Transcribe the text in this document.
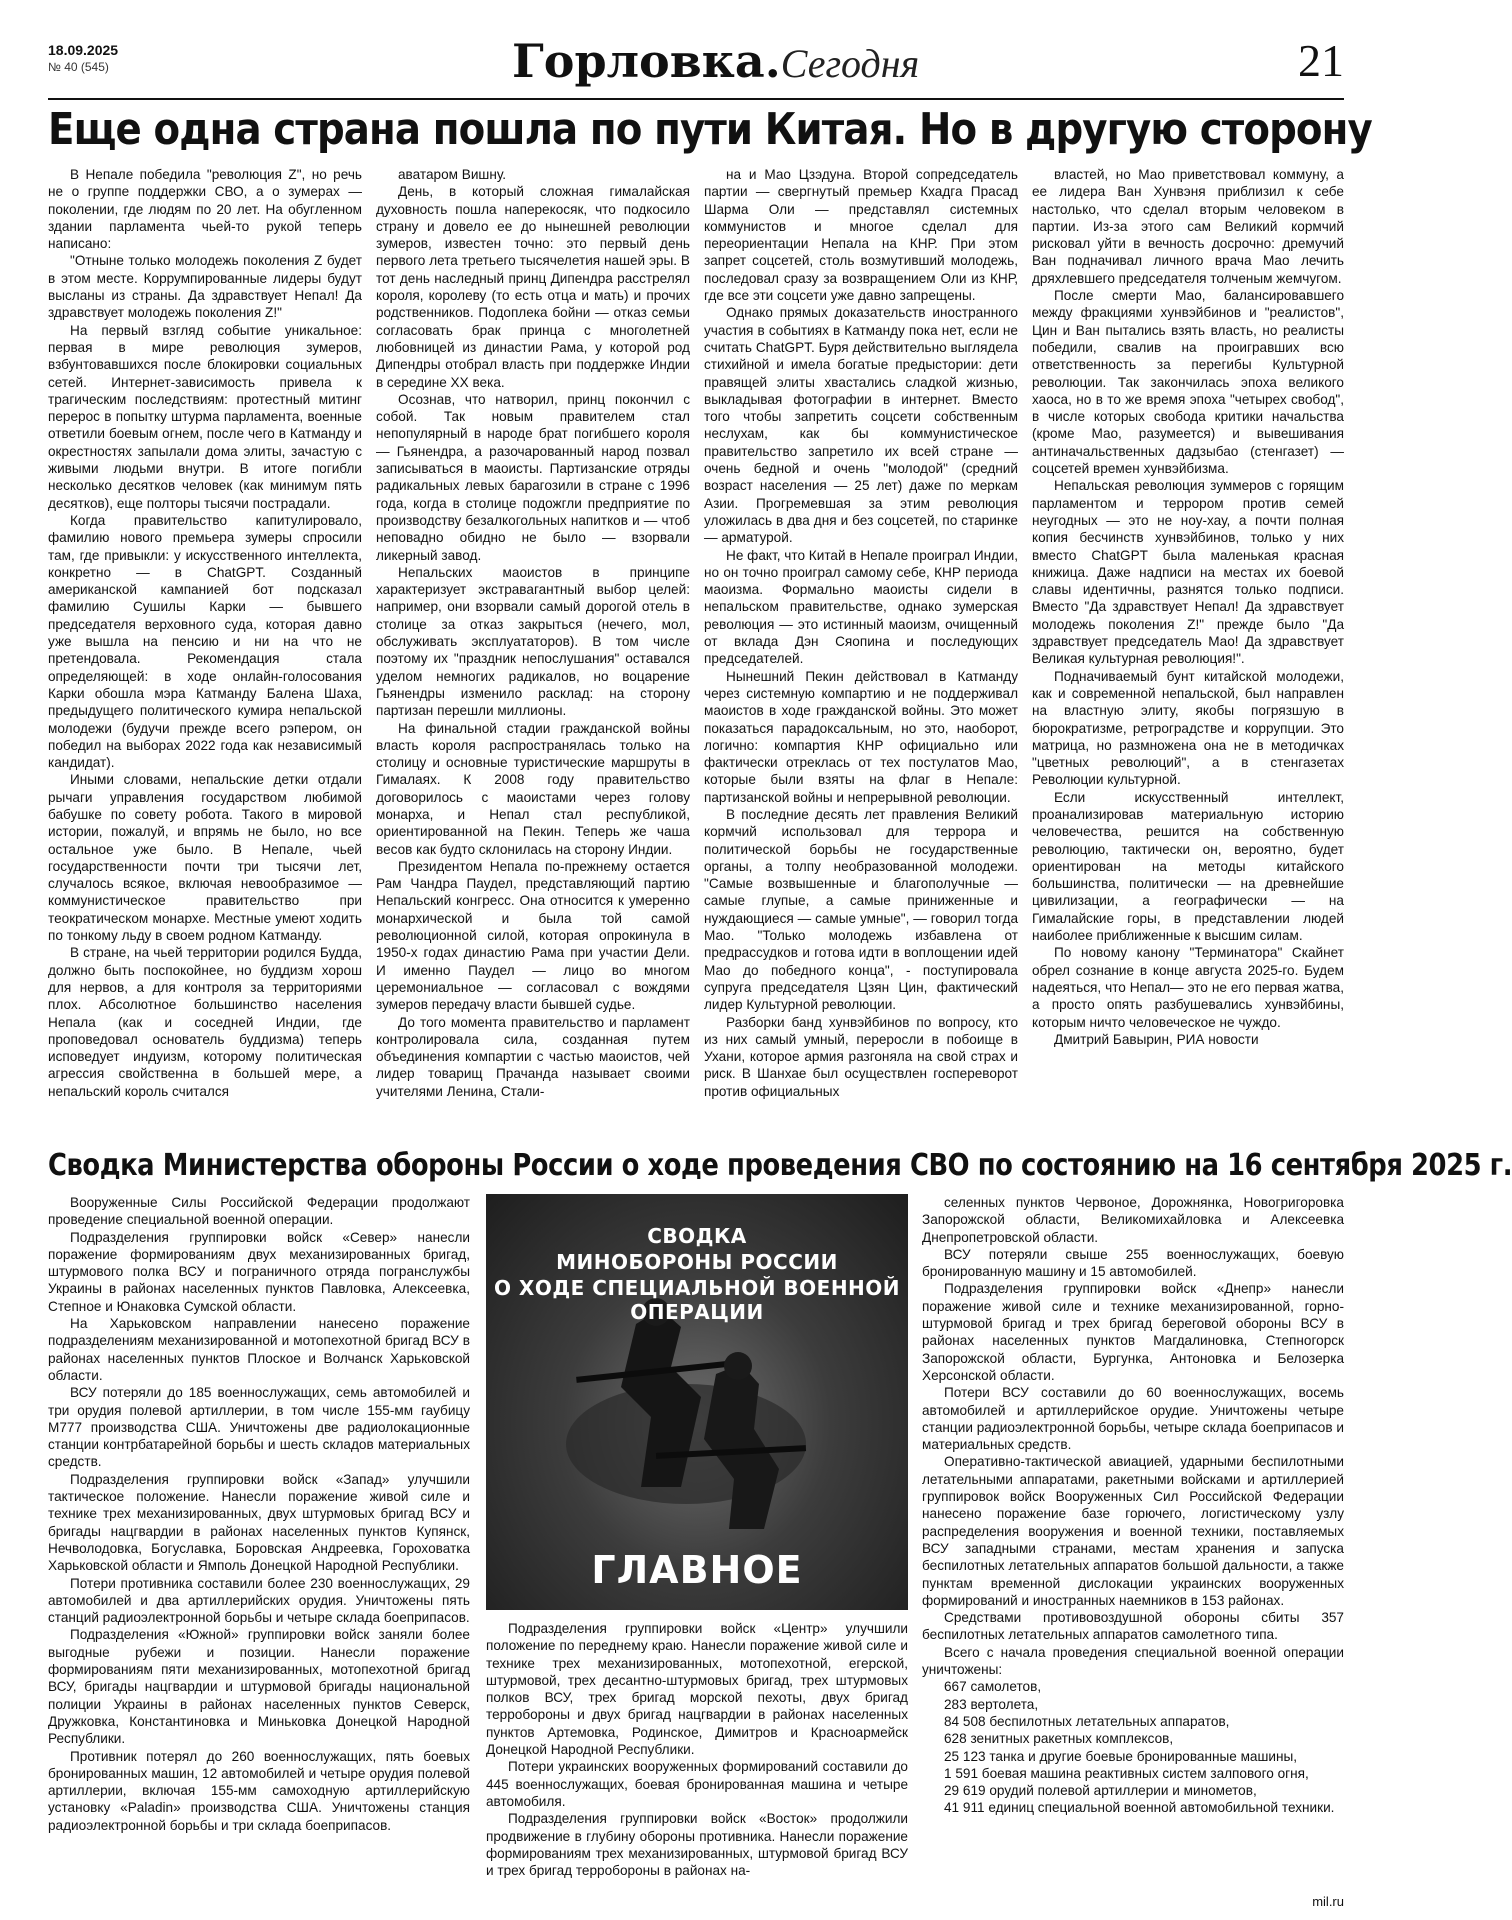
18.09.2025
№ 40 (545)	Горловка.Сегодня	21
Еще одна страна пошла по пути Китая. Но в другую сторону

В Непале победила "революция Z", но речь не о группе поддержки СВО, а о зумерах — поколении, где людям по 20 лет. На обугленном здании парламента чьей-то рукой теперь написано:

"Отныне только молодежь поколения Z будет в этом месте. Коррумпированные лидеры будут высланы из страны. Да здравствует Непал! Да здравствует молодежь поколения Z!"

На первый взгляд событие уникальное: первая в мире революция зумеров, взбунтовавшихся после блокировки социальных сетей. Интернет-зависимость привела к трагическим последствиям: протестный митинг перерос в попытку штурма парламента, военные ответили боевым огнем, после чего в Катманду и окрестностях запылали дома элиты, зачастую с живыми людьми внутри. В итоге погибли несколько десятков человек (как минимум пять десятков), еще полторы тысячи пострадали.

Когда правительство капитулировало, фамилию нового премьера зумеры спросили там, где привыкли: у искусственного интеллекта, конкретно — в ChatGPT. Созданный американской кампанией бот подсказал фамилию Сушилы Карки — бывшего председателя верховного суда, которая давно уже вышла на пенсию и ни на что не претендовала. Рекомендация стала определяющей: в ходе онлайн-голосования Карки обошла мэра Катманду Балена Шаха, предыдущего политического кумира непальской молодежи (будучи прежде всего рэпером, он победил на выборах 2022 года как независимый кандидат).

Иными словами, непальские детки отдали рычаги управления государством любимой бабушке по совету робота. Такого в мировой истории, пожалуй, и впрямь не было, но все остальное уже было. В Непале, чьей государственности почти три тысячи лет, случалось всякое, включая невообразимое — коммунистическое правительство при теократическом монархе. Местные умеют ходить по тонкому льду в своем родном Катманду.

В стране, на чьей территории родился Будда, должно быть поспокойнее, но буддизм хорош для нервов, а для контроля за территориями плох. Абсолютное большинство населения Непала (как и соседней Индии, где проповедовал основатель буддизма) теперь исповедует индуизм, которому политическая агрессия свойственна в большей мере, а непальский король считался

аватаром Вишну.

День, в который сложная гималайская духовность пошла наперекосяк, что подкосило страну и довело ее до нынешней революции зумеров, известен точно: это первый день первого лета третьего тысячелетия нашей эры. В тот день наследный принц Дипендра расстрелял короля, королеву (то есть отца и мать) и прочих родственников. Подоплека бойни — отказ семьи согласовать брак принца с многолетней любовницей из династии Рама, у которой род Дипендры отобрал власть при поддержке Индии в середине XX века.

Осознав, что натворил, принц покончил с собой. Так новым правителем стал непопулярный в народе брат погибшего короля — Гьянендра, а разочарованный народ позвал записываться в маоисты. Партизанские отряды радикальных левых барагозили в стране с 1996 года, когда в столице подожгли предприятие по производству безалкогольных напитков и — чтоб неповадно обидно не было — взорвали ликерный завод.

Непальских маоистов в принципе характеризует экстравагантный выбор целей: например, они взорвали самый дорогой отель в столице за отказ закрыться (нечего, мол, обслуживать эксплуататоров). В том числе поэтому их "праздник непослушания" оставался уделом немногих радикалов, но воцарение Гьянендры изменило расклад: на сторону партизан перешли миллионы.

На финальной стадии гражданской войны власть короля распространялась только на столицу и основные туристические маршруты в Гималаях. К 2008 году правительство договорилось с маоистами через голову монарха, и Непал стал республикой, ориентированной на Пекин. Теперь же чаша весов как будто склонилась на сторону Индии.

Президентом Непала по-прежнему остается Рам Чандра Паудел, представляющий партию Непальский конгресс. Она относится к умеренно монархической и была той самой революционной силой, которая опрокинула в 1950-х годах династию Рама при участии Дели. И именно Паудел — лицо во многом церемониальное — согласовал с вождями зумеров передачу власти бывшей судье.

До того момента правительство и парламент контролировала сила, созданная путем объединения компартии с частью маоистов, чей лидер товарищ Прачанда называет своими учителями Ленина, Стали-

на и Мао Цзэдуна. Второй сопредседатель партии — свергнутый премьер Кхадга Прасад Шарма Оли — представлял системных коммунистов и многое сделал для переориентации Непала на КНР. При этом запрет соцсетей, столь возмутивший молодежь, последовал сразу за возвращением Оли из КНР, где все эти соцсети уже давно запрещены.

Однако прямых доказательств иностранного участия в событиях в Катманду пока нет, если не считать ChatGPT. Буря действительно выглядела стихийной и имела богатые предыстории: дети правящей элиты хвастались сладкой жизнью, выкладывая фотографии в интернет. Вместо того чтобы запретить соцсети собственным неслухам, как бы коммунистическое правительство запретило их всей стране — очень бедной и очень "молодой" (средний возраст населения — 25 лет) даже по меркам Азии. Прогремевшая за этим революция уложилась в два дня и без соцсетей, по старинке — арматурой.

Не факт, что Китай в Непале проиграл Индии, но он точно проиграл самому себе, КНР периода маоизма. Формально маоисты сидели в непальском правительстве, однако зумерская революция — это истинный маоизм, очищенный от вклада Дэн Сяопина и последующих председателей.

Нынешний Пекин действовал в Катманду через системную компартию и не поддерживал маоистов в ходе гражданской войны. Это может показаться парадоксальным, но это, наоборот, логично: компартия КНР официально или фактически отреклась от тех постулатов Мао, которые были взяты на флаг в Непале: партизанской войны и непрерывной революции.

В последние десять лет правления Великий кормчий использовал для террора и политической борьбы не государственные органы, а толпу необразованной молодежи. "Самые возвышенные и благополучные — самые глупые, а самые приниженные и нуждающиеся — самые умные", — говорил тогда Мао. "Только молодежь избавлена от предрассудков и готова идти в воплощении идей Мао до победного конца", - поступировала супруга председателя Цзян Цин, фактический лидер Культурной революции.

Разборки банд хунвэйбинов по вопросу, кто из них самый умный, переросли в побоище в Ухани, которое армия разгоняла на свой страх и риск. В Шанхае был осуществлен госпереворот против официальных

властей, но Мао приветствовал коммуну, а ее лидера Ван Хунвэня приблизил к себе настолько, что сделал вторым человеком в партии. Из-за этого сам Великий кормчий рисковал уйти в вечность досрочно: дремучий Ван подначивал личного врача Мао лечить дряхлевшего председателя толченым жемчугом.

После смерти Мао, балансировавшего между фракциями хунвэйбинов и "реалистов", Цин и Ван пытались взять власть, но реалисты победили, свалив на проигравших всю ответственность за перегибы Культурной революции. Так закончилась эпоха великого хаоса, но в то же время эпоха "четырех свобод", в числе которых свобода критики начальства (кроме Мао, разумеется) и вывешивания антиначальственных дадзыбао (стенгазет) — соцсетей времен хунвэйбизма.

Непальская революция зуммеров с горящим парламентом и террором против семей неугодных — это не ноу-хау, а почти полная копия бесчинств хунвэйбинов, только у них вместо ChatGPT была маленькая красная книжица. Даже надписи на местах их боевой славы идентичны, разнятся только подписи. Вместо "Да здравствует Непал! Да здравствует молодежь поколения Z!" прежде было "Да здравствует председатель Мао! Да здравствует Великая культурная революция!".

Подначиваемый бунт китайской молодежи, как и современной непальской, был направлен на властную элиту, якобы погрязшую в бюрократизме, ретроградстве и коррупции. Это матрица, но размножена она не в методичках "цветных революций", а в стенгазетах Революции культурной.

Если искусственный интеллект, проанализировав материальную историю человечества, решится на собственную революцию, тактически он, вероятно, будет ориентирован на методы китайского большинства, политически — на древнейшие цивилизации, а географически — на Гималайские горы, в представлении людей наиболее приближенные к высшим силам.

По новому канону "Терминатора" Скайнет обрел сознание в конце августа 2025-го. Будем надеяться, что Непал— это не его первая жатва, а просто опять разбушевались хунвэйбины, которым ничто человеческое не чуждо.

Дмитрий Бавырин, РИА новости

Сводка Министерства обороны России о ходе проведения СВО по состоянию на 16 сентября 2025 г.

Вооруженные Силы Российской Федерации продолжают проведение специальной военной операции.

Подразделения группировки войск «Север» нанесли поражение формированиям двух механизированных бригад, штурмового полка ВСУ и пограничного отряда погранслужбы Украины в районах населенных пунктов Павловка, Алексеевка, Степное и Юнаковка Сумской области.

На Харьковском направлении нанесено поражение подразделениям механизированной и мотопехотной бригад ВСУ в районах населенных пунктов Плоское и Волчанск Харьковской области.

ВСУ потеряли до 185 военнослужащих, семь автомобилей и три орудия полевой артиллерии, в том числе 155-мм гаубицу М777 производства США. Уничтожены две радиолокационные станции контрбатарейной борьбы и шесть складов материальных средств.

Подразделения группировки войск «Запад» улучшили тактическое положение. Нанесли поражение живой силе и технике трех механизированных, двух штурмовых бригад ВСУ и бригады нацгвардии в районах населенных пунктов Купянск, Нечволодовка, Богуславка, Боровская Андреевка, Гороховатка Харьковской области и Ямполь Донецкой Народной Республики.

Потери противника составили более 230 военнослужащих, 29 автомобилей и два артиллерийских орудия. Уничтожены пять станций радиоэлектронной борьбы и четыре склада боеприпасов.

Подразделения «Южной» группировки войск заняли более выгодные рубежи и позиции. Нанесли поражение формированиям пяти механизированных, мотопехотной бригад ВСУ, бригады нацгвардии и штурмовой бригады национальной полиции Украины в районах населенных пунктов Северск, Дружковка, Константиновка и Миньковка Донецкой Народной Республики.

Противник потерял до 260 военнослужащих, пять боевых бронированных машин, 12 автомобилей и четыре орудия полевой артиллерии, включая 155-мм самоходную артиллерийскую установку «Paladin» производства США. Уничтожены станция радиоэлектронной борьбы и три склада боеприпасов.

СВОДКА
МИНОБОРОНЫ РОССИИ
О ХОДЕ СПЕЦИАЛЬНОЙ ВОЕННОЙ ОПЕРАЦИИ
ГЛАВНОЕ

Подразделения группировки войск «Центр» улучшили положение по переднему краю. Нанесли поражение живой силе и технике трех механизированных, мотопехотной, егерской, штурмовой, трех десантно-штурмовых бригад, трех штурмовых полков ВСУ, трех бригад морской пехоты, двух бригад терробороны и двух бригад нацгвардии в районах населенных пунктов Артемовка, Родинское, Димитров и Красноармейск Донецкой Народной Республики.

Потери украинских вооруженных формирований составили до 445 военнослужащих, боевая бронированная машина и четыре автомобиля.

Подразделения группировки войск «Восток» продолжили продвижение в глубину обороны противника. Нанесли поражение формированиям трех механизированных, штурмовой бригад ВСУ и трех бригад терробороны в районах на-

селенных пунктов Червоное, Дорожнянка, Новогригоровка Запорожской области, Великомихайловка и Алексеевка Днепропетровской области.

ВСУ потеряли свыше 255 военнослужащих, боевую бронированную машину и 15 автомобилей.

Подразделения группировки войск «Днепр» нанесли поражение живой силе и технике механизированной, горно-штурмовой бригад и трех бригад береговой обороны ВСУ в районах населенных пунктов Магдалиновка, Степногорск Запорожской области, Бургунка, Антоновка и Белозерка Херсонской области.

Потери ВСУ составили до 60 военнослужащих, восемь автомобилей и артиллерийское орудие. Уничтожены четыре станции радиоэлектронной борьбы, четыре склада боеприпасов и материальных средств.

Оперативно-тактической авиацией, ударными беспилотными летательными аппаратами, ракетными войсками и артиллерией группировок войск Вооруженных Сил Российской Федерации нанесено поражение базе горючего, логистическому узлу распределения вооружения и военной техники, поставляемых ВСУ западными странами, местам хранения и запуска беспилотных летательных аппаратов большой дальности, а также пунктам временной дислокации украинских вооруженных формирований и иностранных наемников в 153 районах.

Средствами противовоздушной обороны сбиты 357 беспилотных летательных аппаратов самолетного типа.

Всего с начала проведения специальной военной операции уничтожены:

667 самолетов,
283 вертолета,
84 508 беспилотных летательных аппаратов,
628 зенитных ракетных комплексов,
25 123 танка и другие боевые бронированные машины,
1 591 боевая машина реактивных систем залпового огня,
29 619 орудий полевой артиллерии и минометов,
41 911 единиц специальной военной автомобильной техники.
mil.ru
